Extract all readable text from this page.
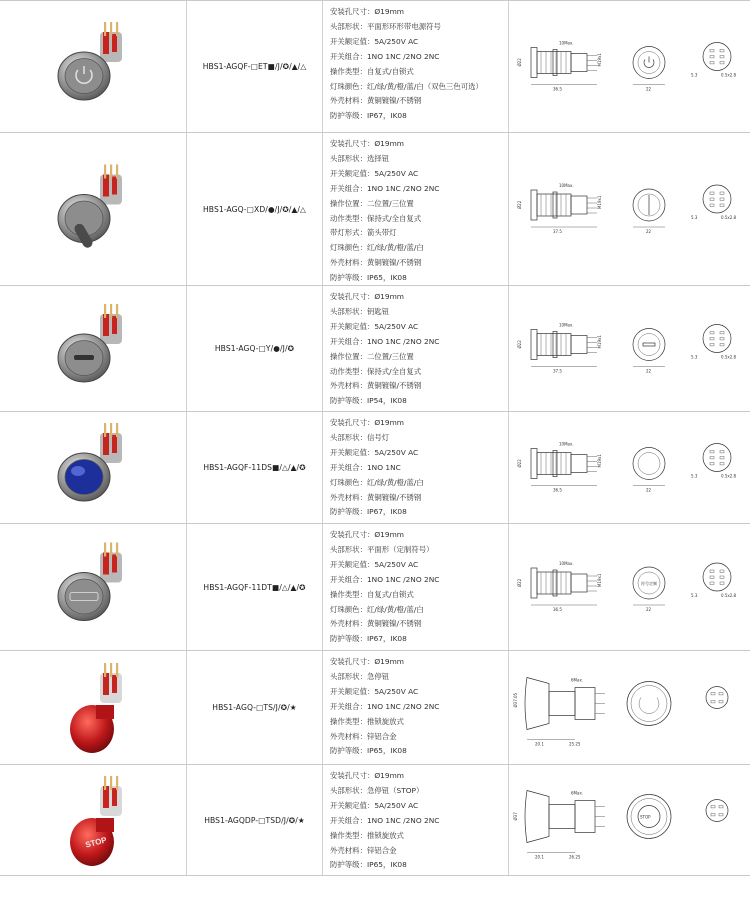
HBS1-AGQF-□ET■/J/✪/▲/△
安装孔尺寸：Ø19mm
头部形状：平面形环形带电源符号
开关额定值：5A/250V AC
开关组合：1NO 1NC /2NO 2NC
操作类型：自复式/自锁式
灯珠颜色：红/绿/黄/橙/蓝/白（双色三色可选）
外壳材料：黄铜镀镍/不锈钢
防护等级：IP67，IK08
36.5
10Max.
M19x1
Ø22
22
5.3	0.5x2.8
HBS1-AGQ-□XD/●/J/✪/▲/△
安装孔尺寸：Ø19mm
头部形状：选择钮
开关额定值：5A/250V AC
开关组合：1NO 1NC /2NO 2NC
操作位置：二位置/三位置
动作类型：保持式/全自复式
带灯形式：箭头带灯
灯珠颜色：红/绿/黄/橙/蓝/白
外壳材料：黄铜镀镍/不锈钢
防护等级：IP65，IK08
37.5
10Max.
M19x1
Ø22
22
5.3	0.5x2.8
HBS1-AGQ-□Y/●/J/✪
安装孔尺寸：Ø19mm
头部形状：钥匙钮
开关额定值：5A/250V AC
开关组合：1NO 1NC /2NO 2NC
操作位置：二位置/三位置
动作类型：保持式/全自复式
外壳材料：黄铜镀镍/不锈钢
防护等级：IP54，IK08
37.5
10Max.
M19x1
Ø22
22
5.3	0.5x2.8
HBS1-AGQF-11DS■/△/▲/✪
安装孔尺寸：Ø19mm
头部形状：信号灯
开关额定值：5A/250V AC
开关组合：1NO 1NC
灯珠颜色：红/绿/黄/橙/蓝/白
外壳材料：黄铜镀镍/不锈钢
防护等级：IP67，IK08
36.5
10Max.
M19x1
Ø22
22
5.3	0.5x2.8
HBS1-AGQF-11DT■/△/▲/✪
安装孔尺寸：Ø19mm
头部形状：平面形（定制符号）
开关额定值：5A/250V AC
开关组合：1NO 1NC /2NO 2NC
操作类型：自复式/自锁式
灯珠颜色：红/绿/黄/橙/蓝/白
外壳材料：黄铜镀镍/不锈钢
防护等级：IP67，IK08
36.5
10Max.
M19x1
Ø22	符号定制
22
5.3	0.5x2.8
HBS1-AGQ-□TS/J/✪/★
安装孔尺寸：Ø19mm
头部形状：急停钮
开关额定值：5A/250V AC
开关组合：1NO 1NC /2NO 2NC
操作类型：推锁旋放式
外壳材料：锌铝合金
防护等级：IP65，IK08
20.1	25.25
6Max.
Ø37.05
STOP
HBS1-AGQDP-□TSD/J/✪/★
安装孔尺寸：Ø19mm
头部形状：急停钮（STOP）
开关额定值：5A/250V AC
开关组合：1NO 1NC /2NO 2NC
操作类型：推锁旋放式
外壳材料：锌铝合金
防护等级：IP65，IK08
20.1	26.25
6Max.
Ø37	STOP
